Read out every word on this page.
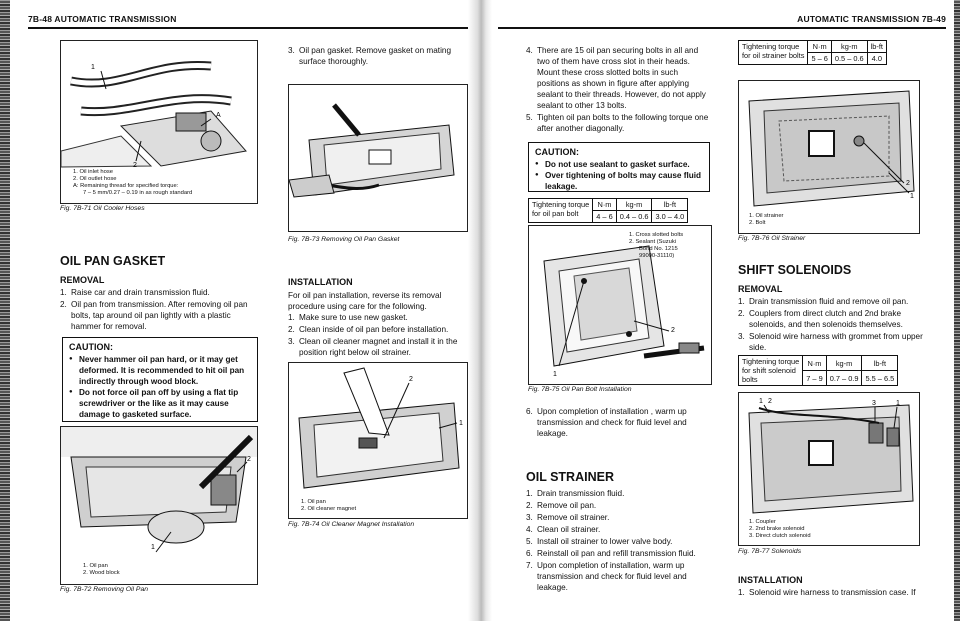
7B-48 AUTOMATIC TRANSMISSION
1
A
2
1. Oil inlet hose
2. Oil outlet hose
A: Remaining thread for specified torque:
7 – 5 mm/0.27 – 0.19 in as rough standard
Fig. 7B-71 Oil Cooler Hoses
OIL PAN GASKET
REMOVAL
1. Raise car and drain transmission fluid.
2. Oil pan from transmission. After removing oil pan bolts, tap around oil pan lightly with a plastic hammer for removal.
CAUTION:
● Never hammer oil pan hard, or it may get deformed. It is recommended to hit oil pan indirectly through wood block.
● Do not force oil pan off by using a flat tip screwdriver or the like as it may cause damage to gasketed surface.
2
1
1. Oil pan
2. Wood block
Fig. 7B-72 Removing Oil Pan
3. Oil pan gasket. Remove gasket on mating surface thoroughly.
Fig. 7B-73 Removing Oil Pan Gasket
INSTALLATION
For oil pan installation, reverse its removal procedure using care for the following.
1. Make sure to use new gasket.
2. Clean inside of oil pan before installation.
3. Clean oil cleaner magnet and install it in the position right below oil strainer.
2
1
1. Oil pan
2. Oil cleaner magnet
Fig. 7B-74 Oil Cleaner Magnet Installation
AUTOMATIC TRANSMISSION 7B-49
4. There are 15 oil pan securing bolts in all and two of them have cross slot in their heads. Mount these cross slotted bolts in such positions as shown in figure after applying sealant to their threads. However, do not apply sealant to other 13 bolts.
5. Tighten oil pan bolts to the following torque one after another diagonally.
CAUTION:
● Do not use sealant to gasket surface.
● Over tightening of bolts may cause fluid leakage.
Tightening torque
for oil pan bolt	N·m	kg-m	lb-ft
	4 – 6	0.4 – 0.6	3.0 – 4.0
2
1
1. Cross slotted bolts
2. Sealant (Suzuki
Bond No. 1215
99000-31110)
Fig. 7B-75 Oil Pan Bolt Installation
6. Upon completion of installation , warm up transmission and check for fluid level and leakage.
OIL STRAINER
1. Drain transmission fluid.
2. Remove oil pan.
3. Remove oil strainer.
4. Clean oil strainer.
5. Install oil strainer to lower valve body.
6. Reinstall oil pan and refill transmission fluid.
7. Upon completion of installation, warm up transmission and check for fluid level and leakage.
Tightening torque
for oil strainer bolts	N·m	kg-m	lb-ft
	5 – 6	0.5 – 0.6	4.0
2
1
1. Oil strainer
2. Bolt
Fig. 7B-76 Oil Strainer
SHIFT SOLENOIDS
REMOVAL
1. Drain transmission fluid and remove oil pan.
2. Couplers from direct clutch and 2nd brake solenoids, and then solenoids themselves.
3. Solenoid wire harness with grommet from upper side.
Tightening torque
for shift solenoid
bolts	N·m	kg-m	lb-ft
	7 – 9	0.7 – 0.9	5.5 – 6.5
1 2	3	1
1. Coupler
2. 2nd brake solenoid
3. Direct clutch solenoid
Fig. 7B-77 Solenoids
INSTALLATION
1. Solenoid wire harness to transmission case. If
